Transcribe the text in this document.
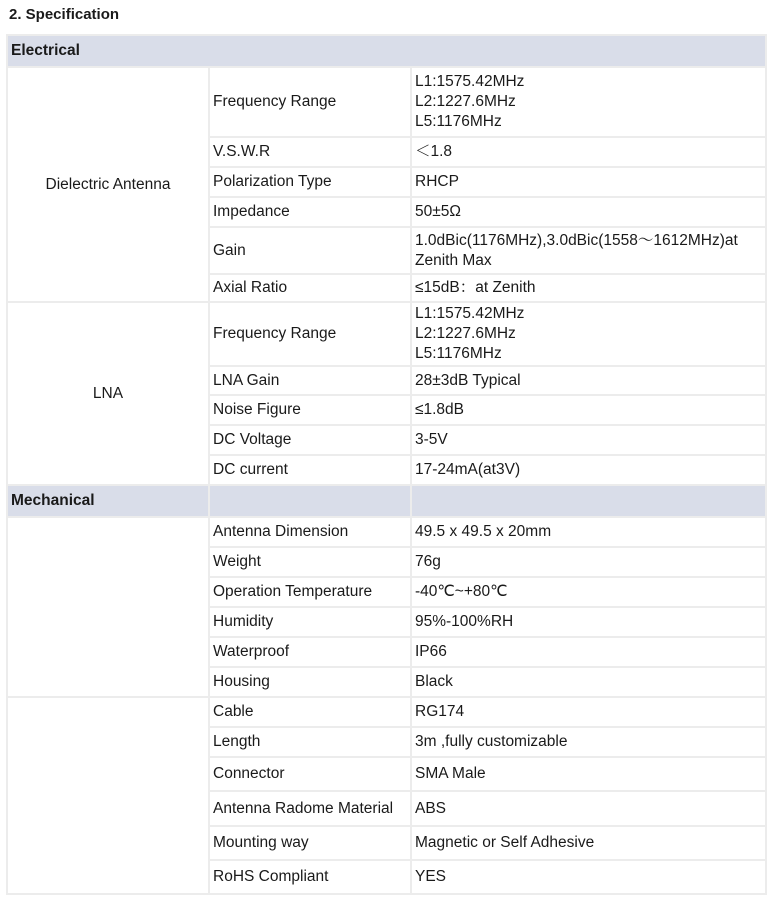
2. Specification
Electrical		
Dielectric Antenna	Frequency Range	L1:1575.42MHz
L2:1227.6MHz
L5:1176MHz

	V.S.W.R	＜1.8
	Polarization Type	RHCP
	Impedance	50±5Ω
	Gain	1.0dBic(1176MHz),3.0dBic(1558～1612MHz)at
Zenith Max

	Axial Ratio	≤15dB：at Zenith
LNA	Frequency Range	L1:1575.42MHz
L2:1227.6MHz
L5:1176MHz

	LNA Gain	28±3dB Typical
	Noise Figure	≤1.8dB
	DC Voltage	3-5V
	DC current	17-24mA(at3V)
Mechanical		
	Antenna Dimension	49.5 x 49.5 x 20mm
	Weight	76g
	Operation Temperature	-40℃~+80℃
	Humidity	95%-100%RH
	Waterproof	IP66
	Housing	Black
	Cable	RG174
	Length	3m ,fully customizable
	Connector	SMA Male
	Antenna Radome Material	ABS
	Mounting way	Magnetic or Self Adhesive
	RoHS Compliant	YES
